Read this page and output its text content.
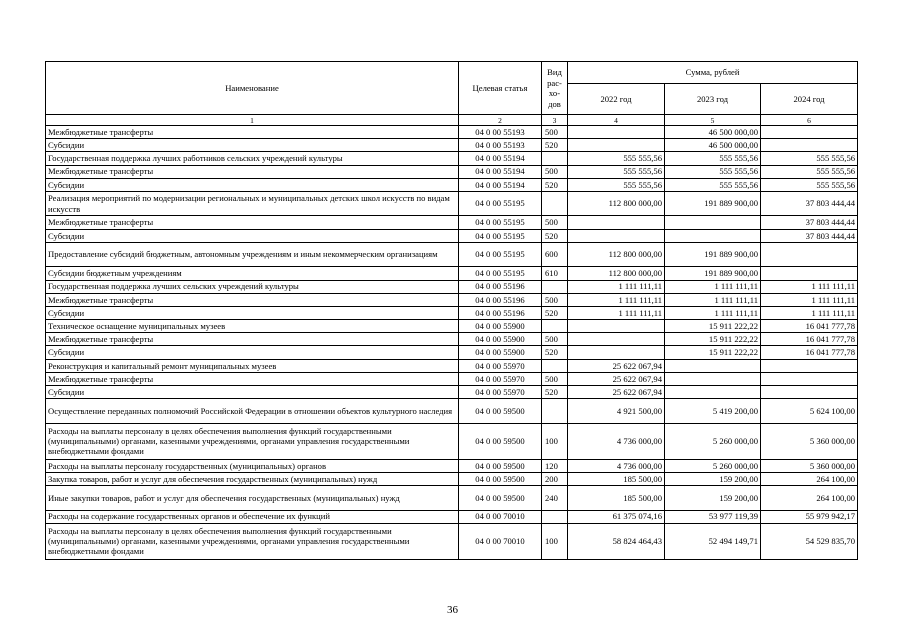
Наименование	Целевая статья	Вид рас-хо-дов	Сумма, рублей		
			2022 год	2023 год	2024 год
1	2	3	4	5	6
Межбюджетные трансферты	04 0 00 55193	500		46 500 000,00	
Субсидии	04 0 00 55193	520		46 500 000,00	
Государственная поддержка лучших работников сельских учреждений культуры	04 0 00 55194		555 555,56	555 555,56	555 555,56
Межбюджетные трансферты	04 0 00 55194	500	555 555,56	555 555,56	555 555,56
Субсидии	04 0 00 55194	520	555 555,56	555 555,56	555 555,56
Реализация мероприятий по модернизации региональных и муниципальных детских школ искусств по видам искусств	04 0 00 55195		112 800 000,00	191 889 900,00	37 803 444,44
Межбюджетные трансферты	04 0 00 55195	500			37 803 444,44
Субсидии	04 0 00 55195	520			37 803 444,44
Предоставление субсидий бюджетным, автономным учреждениям и иным некоммерческим организациям	04 0 00 55195	600	112 800 000,00	191 889 900,00	
Субсидии бюджетным учреждениям	04 0 00 55195	610	112 800 000,00	191 889 900,00	
Государственная поддержка лучших сельских учреждений культуры	04 0 00 55196		1 111 111,11	1 111 111,11	1 111 111,11
Межбюджетные трансферты	04 0 00 55196	500	1 111 111,11	1 111 111,11	1 111 111,11
Субсидии	04 0 00 55196	520	1 111 111,11	1 111 111,11	1 111 111,11
Техническое оснащение муниципальных музеев	04 0 00 55900			15 911 222,22	16 041 777,78
Межбюджетные трансферты	04 0 00 55900	500		15 911 222,22	16 041 777,78
Субсидии	04 0 00 55900	520		15 911 222,22	16 041 777,78
Реконструкция и капитальный ремонт муниципальных музеев	04 0 00 55970		25 622 067,94		
Межбюджетные трансферты	04 0 00 55970	500	25 622 067,94		
Субсидии	04 0 00 55970	520	25 622 067,94		
Осуществление переданных полномочий Российской Федерации в отношении объектов культурного наследия	04 0 00 59500		4 921 500,00	5 419 200,00	5 624 100,00
Расходы на выплаты персоналу в целях обеспечения выполнения функций государственными (муниципальными) органами, казенными учреждениями, органами управления государственными внебюджетными фондами	04 0 00 59500	100	4 736 000,00	5 260 000,00	5 360 000,00
Расходы на выплаты персоналу государственных (муниципальных) органов	04 0 00 59500	120	4 736 000,00	5 260 000,00	5 360 000,00
Закупка товаров, работ и услуг для обеспечения государственных (муниципальных) нужд	04 0 00 59500	200	185 500,00	159 200,00	264 100,00
Иные закупки товаров, работ и услуг для обеспечения государственных (муниципальных) нужд	04 0 00 59500	240	185 500,00	159 200,00	264 100,00
Расходы на содержание государственных органов и обеспечение их функций	04 0 00 70010		61 375 074,16	53 977 119,39	55 979 942,17
Расходы на выплаты персоналу в целях обеспечения выполнения функций государственными (муниципальными) органами, казенными учреждениями, органами управления государственными внебюджетными фондами	04 0 00 70010	100	58 824 464,43	52 494 149,71	54 529 835,70
36
